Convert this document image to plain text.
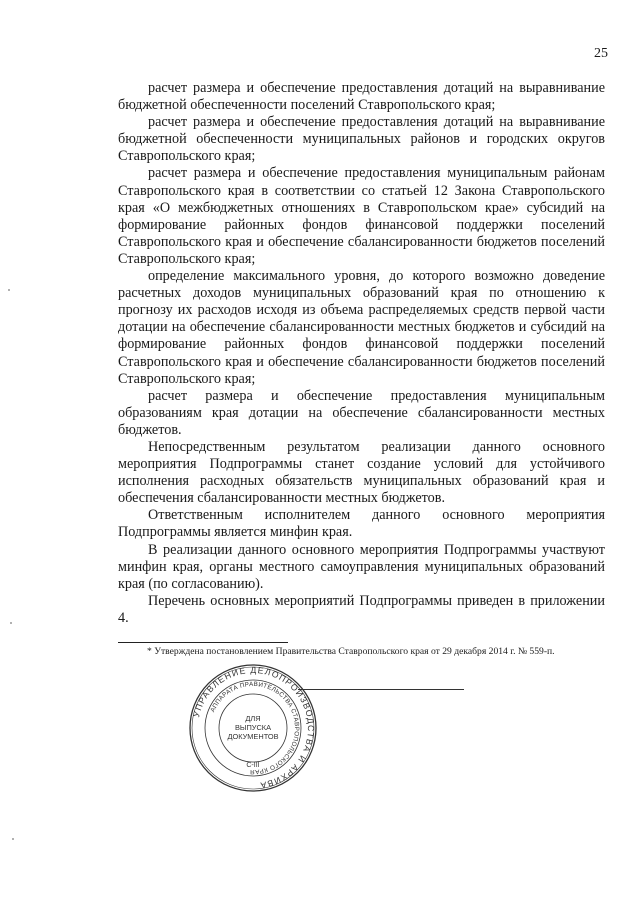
25

расчет размера и обеспечение предоставления дотаций на выравнивание бюджетной обеспеченности поселений Ставропольского края;

расчет размера и обеспечение предоставления дотаций на выравнивание бюджетной обеспеченности муниципальных районов и городских округов Ставропольского края;

расчет размера и обеспечение предоставления муниципальным районам Ставропольского края в соответствии со статьей 12 Закона Ставропольского края «О межбюджетных отношениях в Ставропольском крае» субсидий на формирование районных фондов финансовой поддержки поселений Ставропольского края и обеспечение сбалансированности бюджетов поселений Ставропольского края;

определение максимального уровня, до которого возможно доведение расчетных доходов муниципальных образований края по отношению к прогнозу их расходов исходя из объема распределяемых средств первой части дотации на обеспечение сбалансированности местных бюджетов и субсидий на формирование районных фондов финансовой поддержки поселений Ставропольского края и обеспечение сбалансированности бюджетов поселений Ставропольского края;

расчет размера и обеспечение предоставления муниципальным образованиям края дотации на обеспечение сбалансированности местных бюджетов.

Непосредственным результатом реализации данного основного мероприятия Подпрограммы станет создание условий для устойчивого исполнения расходных обязательств муниципальных образований края и обеспечения сбалансированности местных бюджетов.

Ответственным исполнителем данного основного мероприятия Подпрограммы является минфин края.

В реализации данного основного мероприятия Подпрограммы участвуют минфин края, органы местного самоуправления муниципальных образований края (по согласованию).

Перечень основных мероприятий Подпрограммы приведен в приложении 4.

* Утверждена постановлением Правительства Ставропольского края от 29 декабря 2014 г. № 559-п.
УПРАВЛЕНИЕ ДЕЛОПРОИЗВОДСТВА И АРХИВА
АППАРАТА ПРАВИТЕЛЬСТВА СТАВРОПОЛЬСКОГО КРАЯ
ДЛЯ
ВЫПУСКА
ДОКУМЕНТОВ
С-III
